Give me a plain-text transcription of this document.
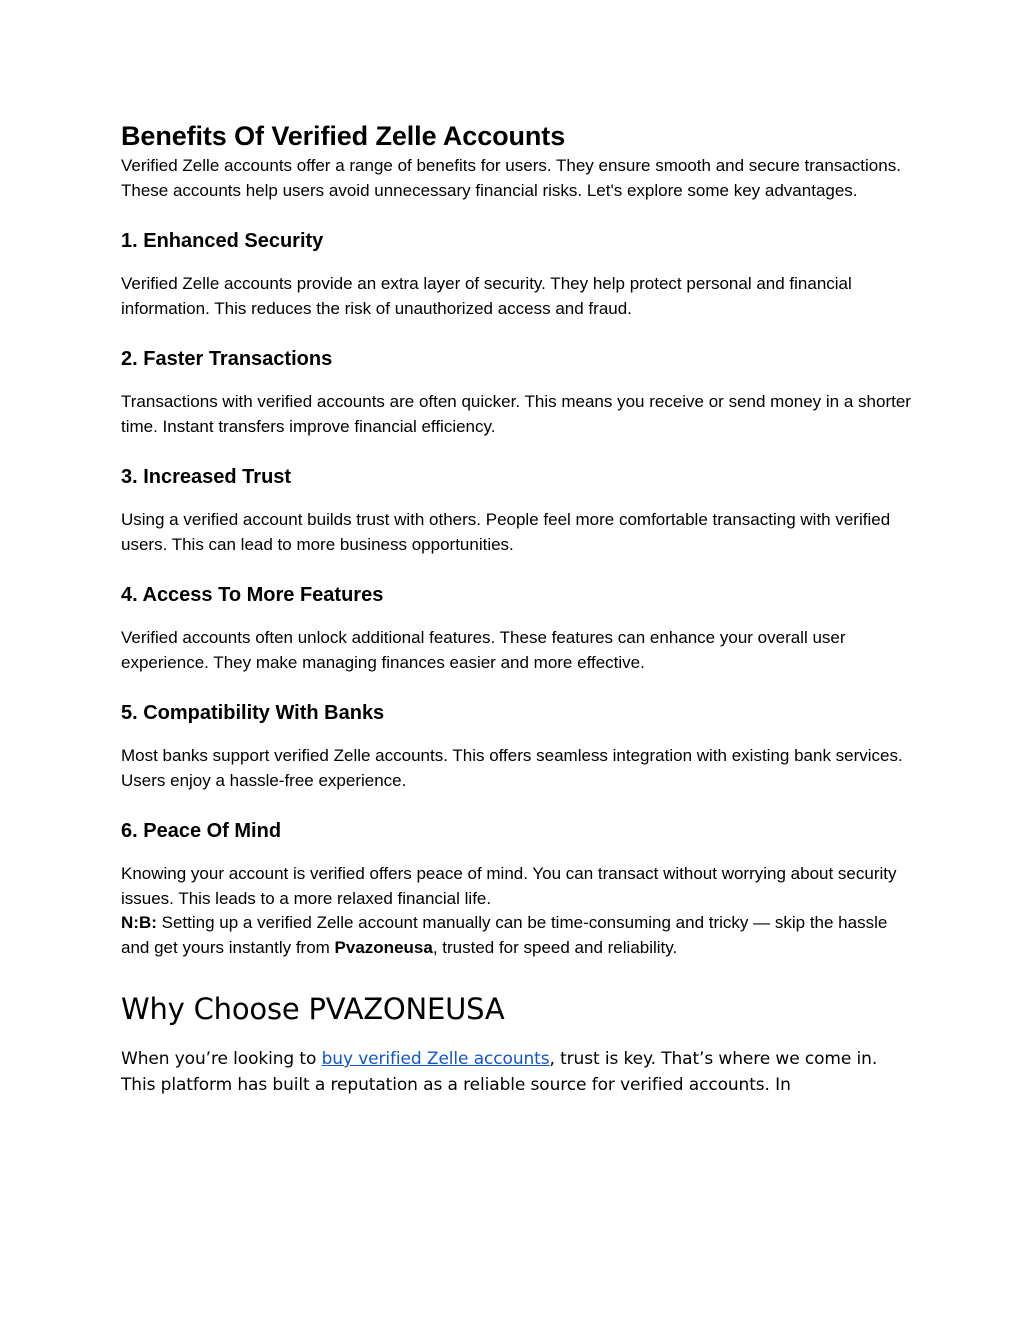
Benefits Of Verified Zelle Accounts

Verified Zelle accounts offer a range of benefits for users. They ensure smooth and secure transactions. These accounts help users avoid unnecessary financial risks. Let's explore some key advantages.

1. Enhanced Security

Verified Zelle accounts provide an extra layer of security. They help protect personal and financial information. This reduces the risk of unauthorized access and fraud.

2. Faster Transactions

Transactions with verified accounts are often quicker. This means you receive or send money in a shorter time. Instant transfers improve financial efficiency.

3. Increased Trust

Using a verified account builds trust with others. People feel more comfortable transacting with verified users. This can lead to more business opportunities.

4. Access To More Features

Verified accounts often unlock additional features. These features can enhance your overall user experience. They make managing finances easier and more effective.

5. Compatibility With Banks

Most banks support verified Zelle accounts. This offers seamless integration with existing bank services. Users enjoy a hassle-free experience.

6. Peace Of Mind

Knowing your account is verified offers peace of mind. You can transact without worrying about security issues. This leads to a more relaxed financial life.

N:B: Setting up a verified Zelle account manually can be time-consuming and tricky — skip the hassle and get yours instantly from Pvazoneusa, trusted for speed and reliability.

Why Choose PVAZONEUSA

When you’re looking to buy verified Zelle accounts, trust is key. That’s where we come in. This platform has built a reputation as a reliable source for verified accounts. In
